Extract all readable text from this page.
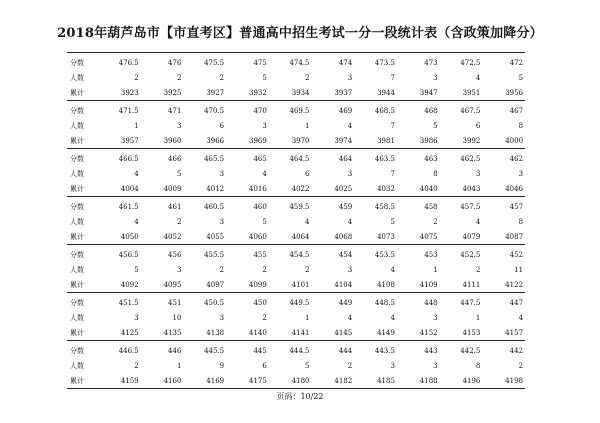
2018年葫芦岛市【市直考区】普通高中招生考试一分一段统计表（含政策加降分）
分数	476.5	476	475.5	475	474.5	474	473.5	473	472.5	472
人数	2	2	2	5	2	3	7	3	4	5
累计	3923	3925	3927	3932	3934	3937	3944	3947	3951	3956
分数	471.5	471	470.5	470	469.5	469	468.5	468	467.5	467
人数	1	3	6	3	1	4	7	5	6	8
累计	3957	3960	3966	3969	3970	3974	3981	3986	3992	4000
分数	466.5	466	465.5	465	464.5	464	463.5	463	462.5	462
人数	4	5	3	4	6	3	7	8	3	3
累计	4004	4009	4012	4016	4022	4025	4032	4040	4043	4046
分数	461.5	461	460.5	460	459.5	459	458.5	458	457.5	457
人数	4	2	3	5	4	4	5	2	4	8
累计	4050	4052	4055	4060	4064	4068	4073	4075	4079	4087
分数	456.5	456	455.5	455	454.5	454	453.5	453	452.5	452
人数	5	3	2	2	2	3	4	1	2	11
累计	4092	4095	4097	4099	4101	4104	4108	4109	4111	4122
分数	451.5	451	450.5	450	449.5	449	448.5	448	447.5	447
人数	3	10	3	2	1	4	4	3	1	4
累计	4125	4135	4138	4140	4141	4145	4149	4152	4153	4157
分数	446.5	446	445.5	445	444.5	444	443.5	443	442.5	442
人数	2	1	9	6	5	2	3	3	8	2
累计	4159	4160	4169	4175	4180	4182	4185	4188	4196	4198
页码：10/22
